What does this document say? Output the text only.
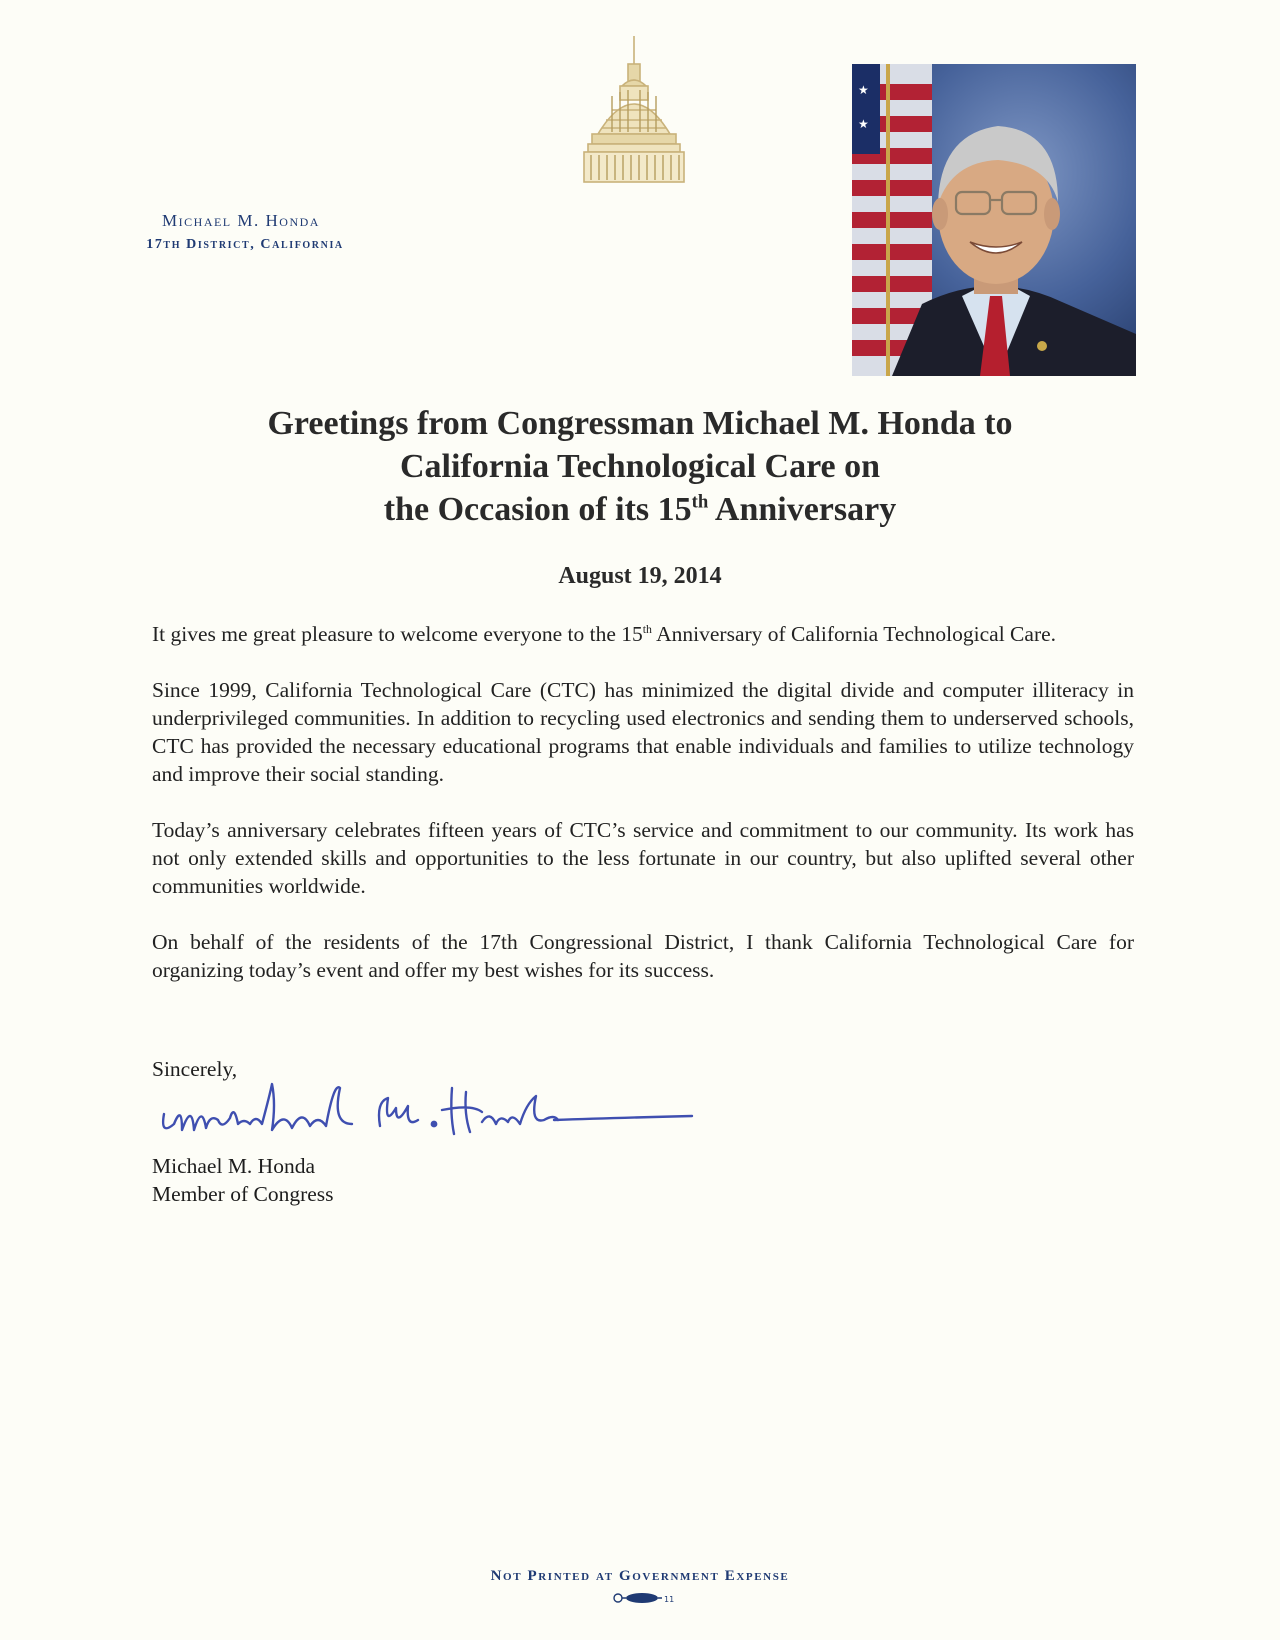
Michael M. Honda
17th District, California
★
★
Greetings from Congressman Michael M. Honda to
California Technological Care on
the Occasion of its 15th Anniversary
August 19, 2014

It gives me great pleasure to welcome everyone to the 15th Anniversary of California Technological Care.

Since 1999, California Technological Care (CTC) has minimized the digital divide and computer illiteracy in underprivileged communities. In addition to recycling used electronics and sending them to underserved schools, CTC has provided the necessary educational programs that enable individuals and families to utilize technology and improve their social standing.

Today’s anniversary celebrates fifteen years of CTC’s service and commitment to our community. Its work has not only extended skills and opportunities to the less fortunate in our country, but also uplifted several other communities worldwide.

On behalf of the residents of the 17th Congressional District, I thank California Technological Care for organizing today’s event and offer my best wishes for its success.

Sincerely,
Michael M. Honda
Member of Congress
Not Printed at Government Expense
11
